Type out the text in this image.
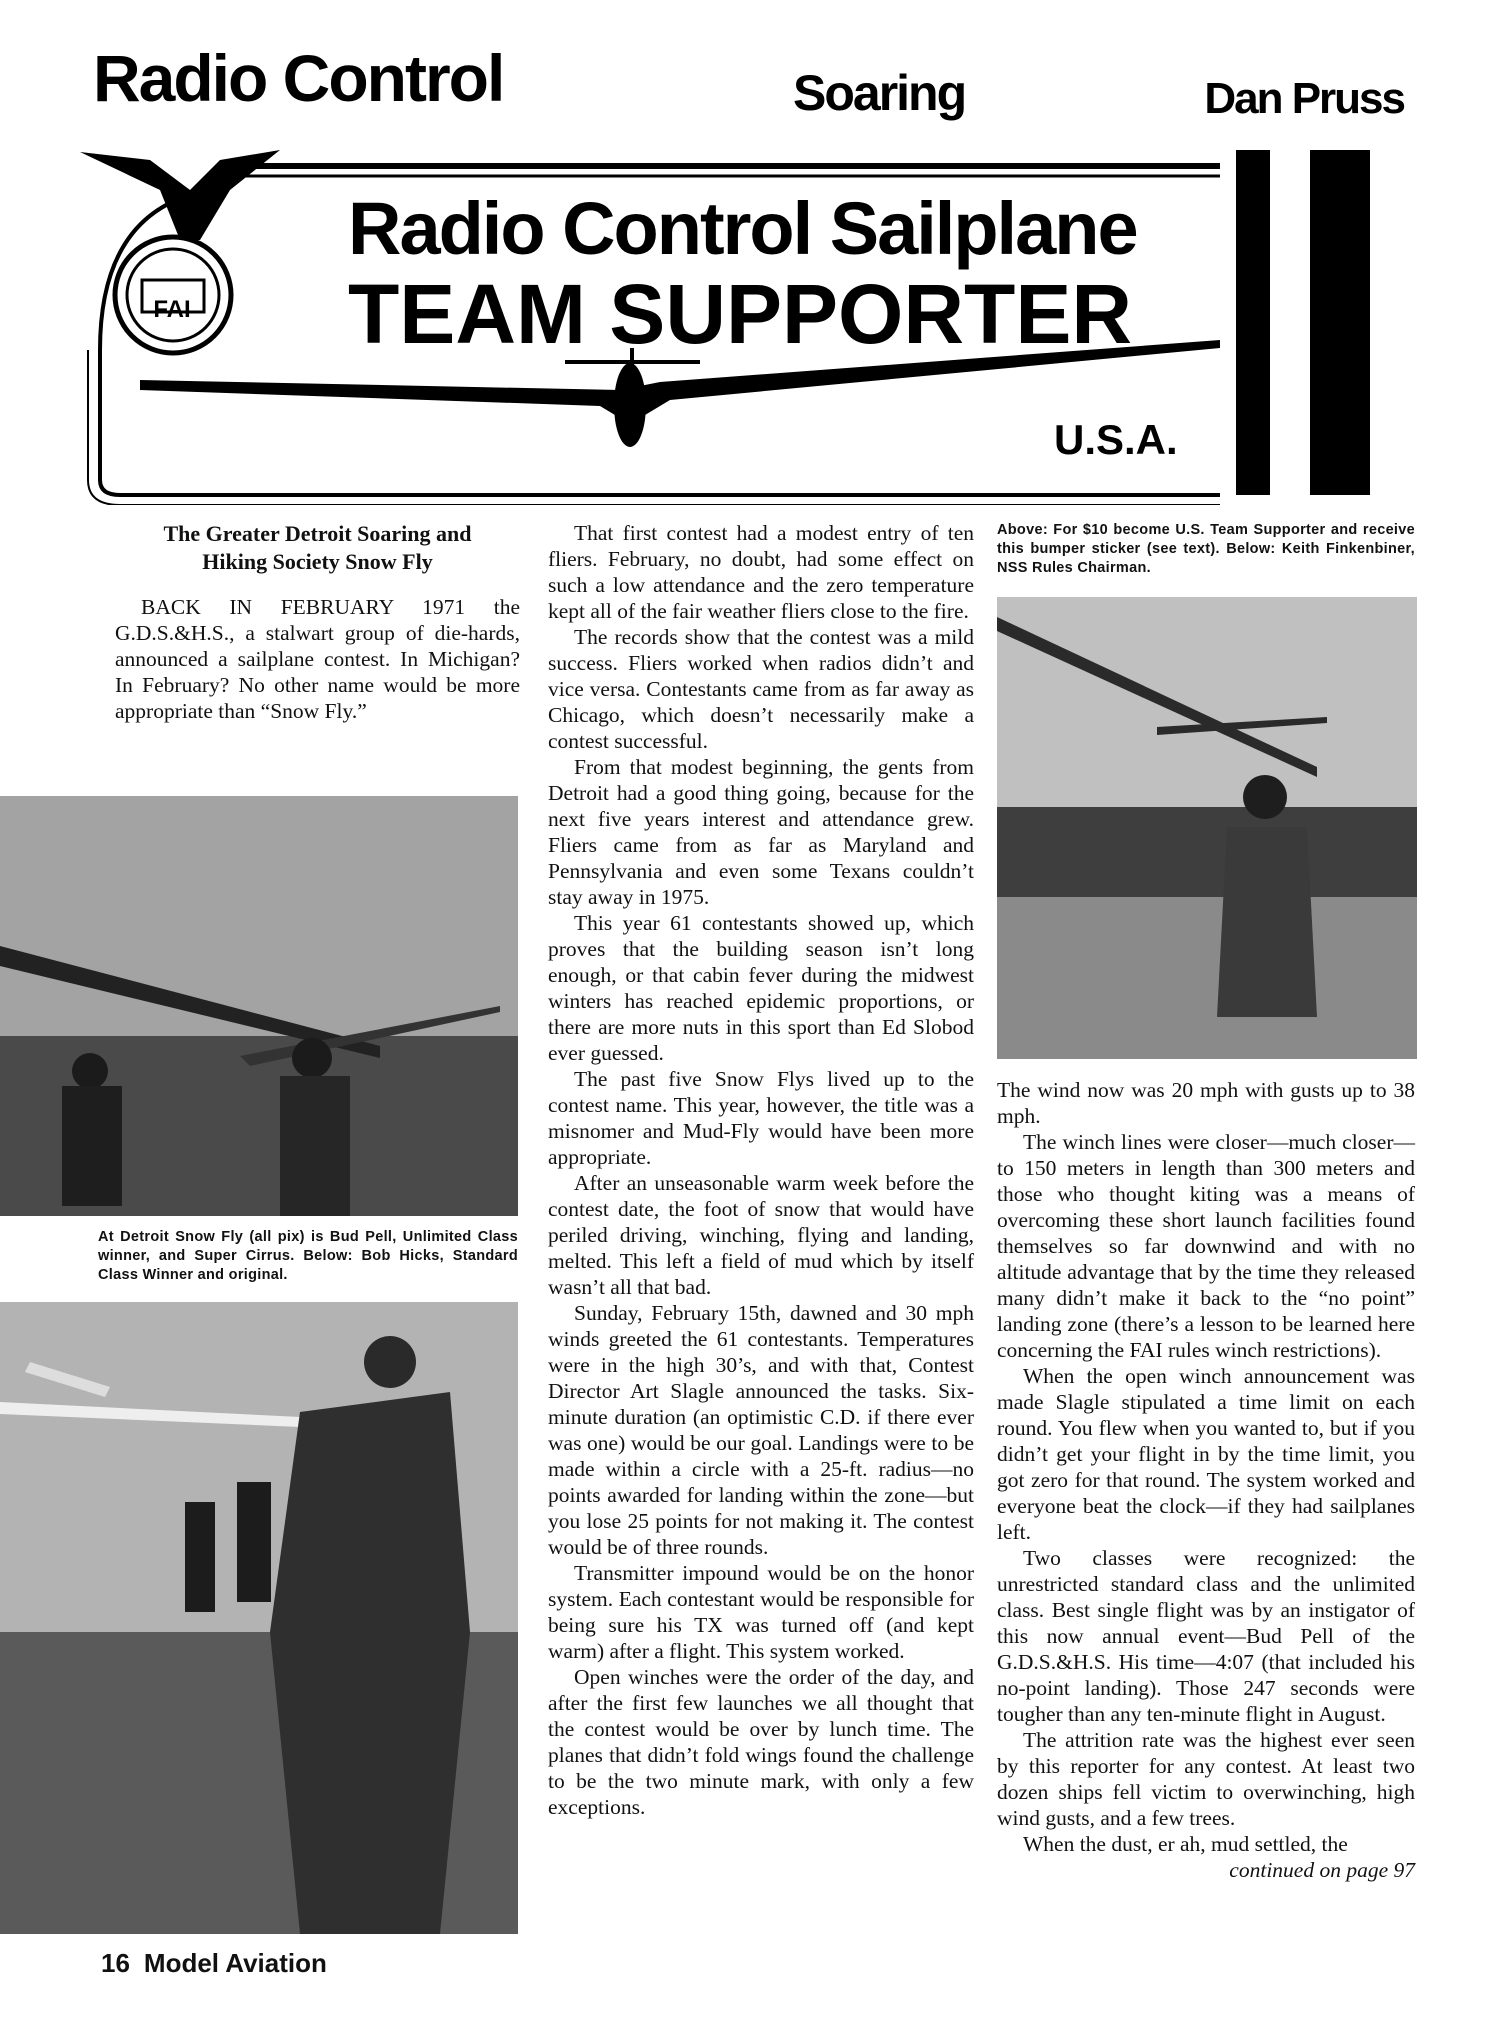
Radio Control	Soaring	Dan Pruss
FAI
Radio Control Sailplane
TEAM SUPPORTER
U.S.A.

The Greater Detroit Soaring and Hiking Society Snow Fly

BACK IN FEBRUARY 1971 the G.D.S.&H.S., a stalwart group of die-hards, announced a sailplane contest. In Michigan? In February? No other name would be more appropriate than “Snow Fly.”

At Detroit Snow Fly (all pix) is Bud Pell, Unlimited Class winner, and Super Cirrus. Below: Bob Hicks, Standard Class Winner and original.

That first contest had a modest entry of ten fliers. February, no doubt, had some effect on such a low attendance and the zero temperature kept all of the fair weather fliers close to the fire.

The records show that the contest was a mild success. Fliers worked when radios didn’t and vice versa. Contestants came from as far away as Chicago, which doesn’t necessarily make a contest successful.

From that modest beginning, the gents from Detroit had a good thing going, because for the next five years interest and attendance grew. Fliers came from as far as Maryland and Pennsylvania and even some Texans couldn’t stay away in 1975.

This year 61 contestants showed up, which proves that the building season isn’t long enough, or that cabin fever during the midwest winters has reached epidemic proportions, or there are more nuts in this sport than Ed Slobod ever guessed.

The past five Snow Flys lived up to the contest name. This year, however, the title was a misnomer and Mud-Fly would have been more appropriate.

After an unseasonable warm week before the contest date, the foot of snow that would have periled driving, winching, flying and landing, melted. This left a field of mud which by itself wasn’t all that bad.

Sunday, February 15th, dawned and 30 mph winds greeted the 61 contestants. Temperatures were in the high 30’s, and with that, Contest Director Art Slagle announced the tasks. Six-minute duration (an optimistic C.D. if there ever was one) would be our goal. Landings were to be made within a circle with a 25-ft. radius—no points awarded for landing within the zone—but you lose 25 points for not making it. The contest would be of three rounds.

Transmitter impound would be on the honor system. Each contestant would be responsible for being sure his TX was turned off (and kept warm) after a flight. This system worked.

Open winches were the order of the day, and after the first few launches we all thought that the contest would be over by lunch time. The planes that didn’t fold wings found the challenge to be the two minute mark, with only a few exceptions.

Above: For $10 become U.S. Team Supporter and receive this bumper sticker (see text). Below: Keith Finkenbiner, NSS Rules Chairman.

The wind now was 20 mph with gusts up to 38 mph.

The winch lines were closer—much closer—to 150 meters in length than 300 meters and those who thought kiting was a means of overcoming these short launch facilities found themselves so far downwind and with no altitude advantage that by the time they released many didn’t make it back to the “no point” landing zone (there’s a lesson to be learned here concerning the FAI rules winch restrictions).

When the open winch announcement was made Slagle stipulated a time limit on each round. You flew when you wanted to, but if you didn’t get your flight in by the time limit, you got zero for that round. The system worked and everyone beat the clock—if they had sailplanes left.

Two classes were recognized: the unrestricted standard class and the unlimited class. Best single flight was by an instigator of this now annual event—Bud Pell of the G.D.S.&H.S. His time—4:07 (that included his no-point landing). Those 247 seconds were tougher than any ten-minute flight in August.

The attrition rate was the highest ever seen by this reporter for any contest. At least two dozen ships fell victim to overwinching, high wind gusts, and a few trees.

When the dust, er ah, mud settled, the

continued on page 97

16 Model Aviation
